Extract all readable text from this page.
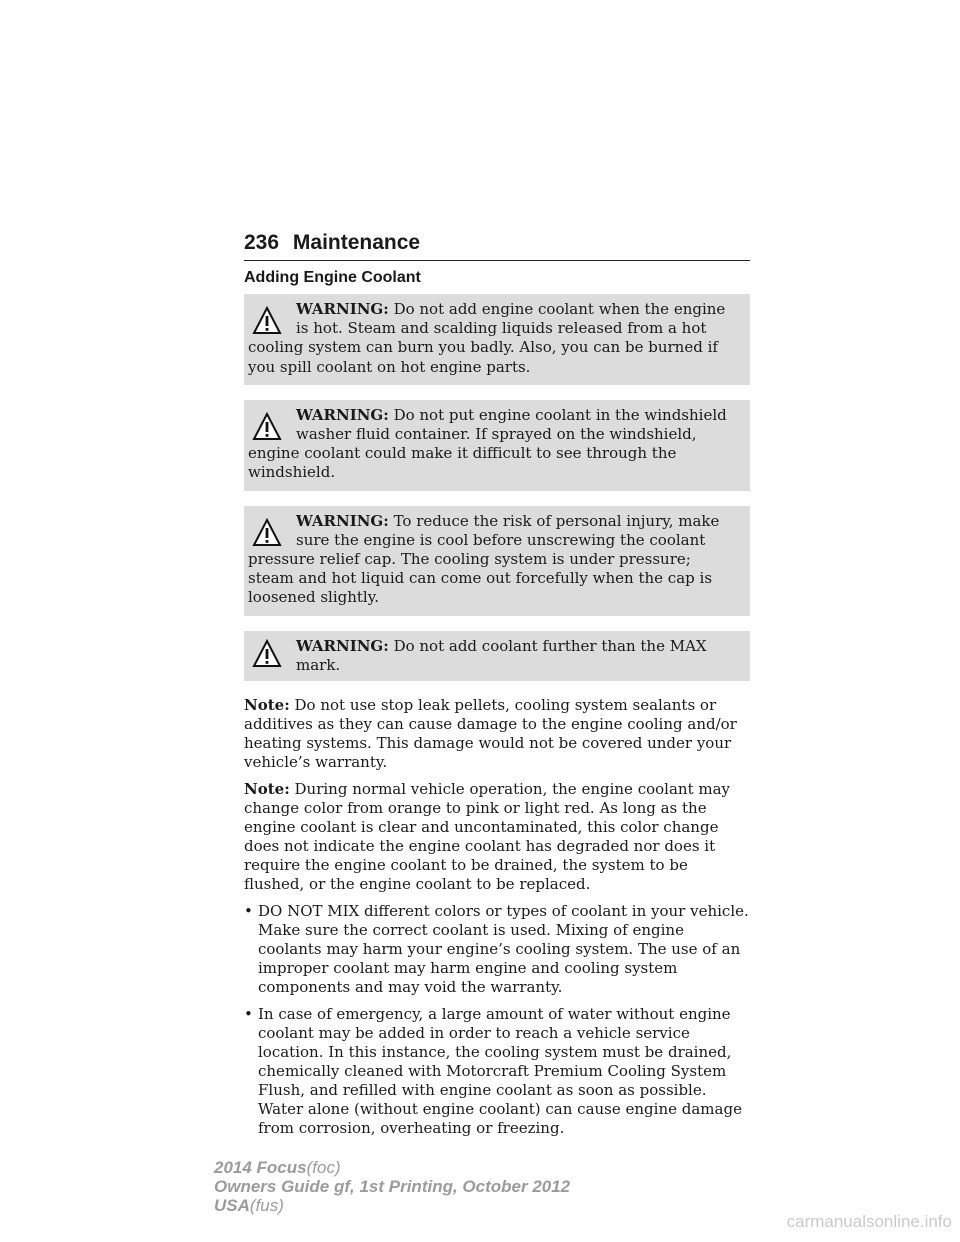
236 Maintenance
Adding Engine Coolant
WARNING: Do not add engine coolant when the engine is hot. Steam and scalding liquids released from a hot cooling system can burn you badly. Also, you can be burned if you spill coolant on hot engine parts.
WARNING: Do not put engine coolant in the windshield washer fluid container. If sprayed on the windshield, engine coolant could make it difficult to see through the windshield.
WARNING: To reduce the risk of personal injury, make sure the engine is cool before unscrewing the coolant pressure relief cap. The cooling system is under pressure; steam and hot liquid can come out forcefully when the cap is loosened slightly.
WARNING: Do not add coolant further than the MAX mark.

Note: Do not use stop leak pellets, cooling system sealants or additives as they can cause damage to the engine cooling and/or heating systems. This damage would not be covered under your vehicle’s warranty.

Note: During normal vehicle operation, the engine coolant may change color from orange to pink or light red. As long as the engine coolant is clear and uncontaminated, this color change does not indicate the engine coolant has degraded nor does it require the engine coolant to be drained, the system to be flushed, or the engine coolant to be replaced.

• DO NOT MIX different colors or types of coolant in your vehicle. Make sure the correct coolant is used. Mixing of engine coolants may harm your engine’s cooling system. The use of an improper coolant may harm engine and cooling system components and may void the warranty.

• In case of emergency, a large amount of water without engine coolant may be added in order to reach a vehicle service location. In this instance, the cooling system must be drained, chemically cleaned with Motorcraft Premium Cooling System Flush, and refilled with engine coolant as soon as possible. Water alone (without engine coolant) can cause engine damage from corrosion, overheating or freezing.

2014 Focus(foc)
Owners Guide gf, 1st Printing, October 2012
USA(fus)
carmanualsonline.info
